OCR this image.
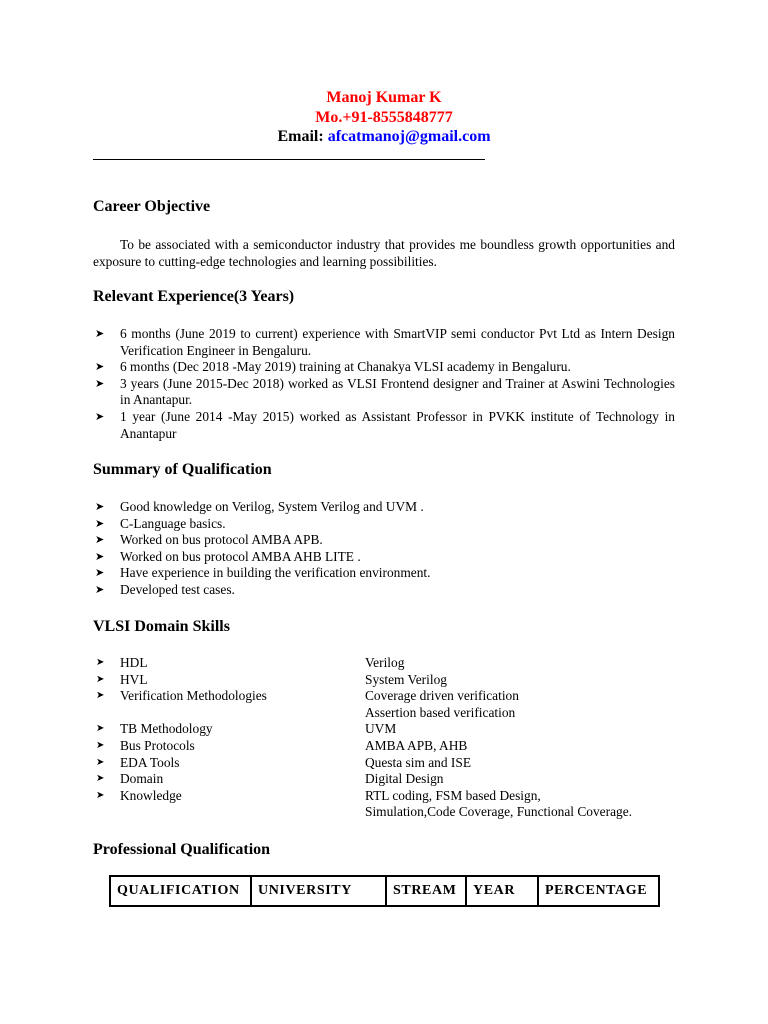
Manoj Kumar K
Mo.+91-8555848777
Email: afcatmanoj@gmail.com
Career Objective
To be associated with a semiconductor industry that provides me boundless growth opportunities and exposure to cutting-edge technologies and learning possibilities.
Relevant Experience(3 Years)
➤ 6 months (June 2019 to current) experience with SmartVIP semi conductor Pvt Ltd as Intern Design Verification Engineer in Bengaluru.
➤ 6 months (Dec 2018 -May 2019) training at Chanakya VLSI academy in Bengaluru.
➤ 3 years (June 2015-Dec 2018) worked as VLSI Frontend designer and Trainer at Aswini Technologies in Anantapur.
➤ 1 year (June 2014 -May 2015) worked as Assistant Professor in PVKK institute of Technology in Anantapur
Summary of Qualification
➤ Good knowledge on Verilog, System Verilog and UVM .
➤ C-Language basics.
➤ Worked on bus protocol AMBA APB.
➤ Worked on bus protocol AMBA AHB LITE .
➤ Have experience in building the verification environment.
➤ Developed test cases.
VLSI Domain Skills
➤ HDL	Verilog
➤ HVL	System Verilog
➤ Verification Methodologies	Coverage driven verification
Assertion based verification
➤ TB Methodology	UVM
➤ Bus Protocols	AMBA APB, AHB
➤ EDA Tools	Questa sim and ISE
➤ Domain	Digital Design
➤ Knowledge	RTL coding, FSM based Design,
Simulation,Code Coverage, Functional Coverage.
Professional Qualification
QUALIFICATION	UNIVERSITY	STREAM	YEAR	PERCENTAGE
